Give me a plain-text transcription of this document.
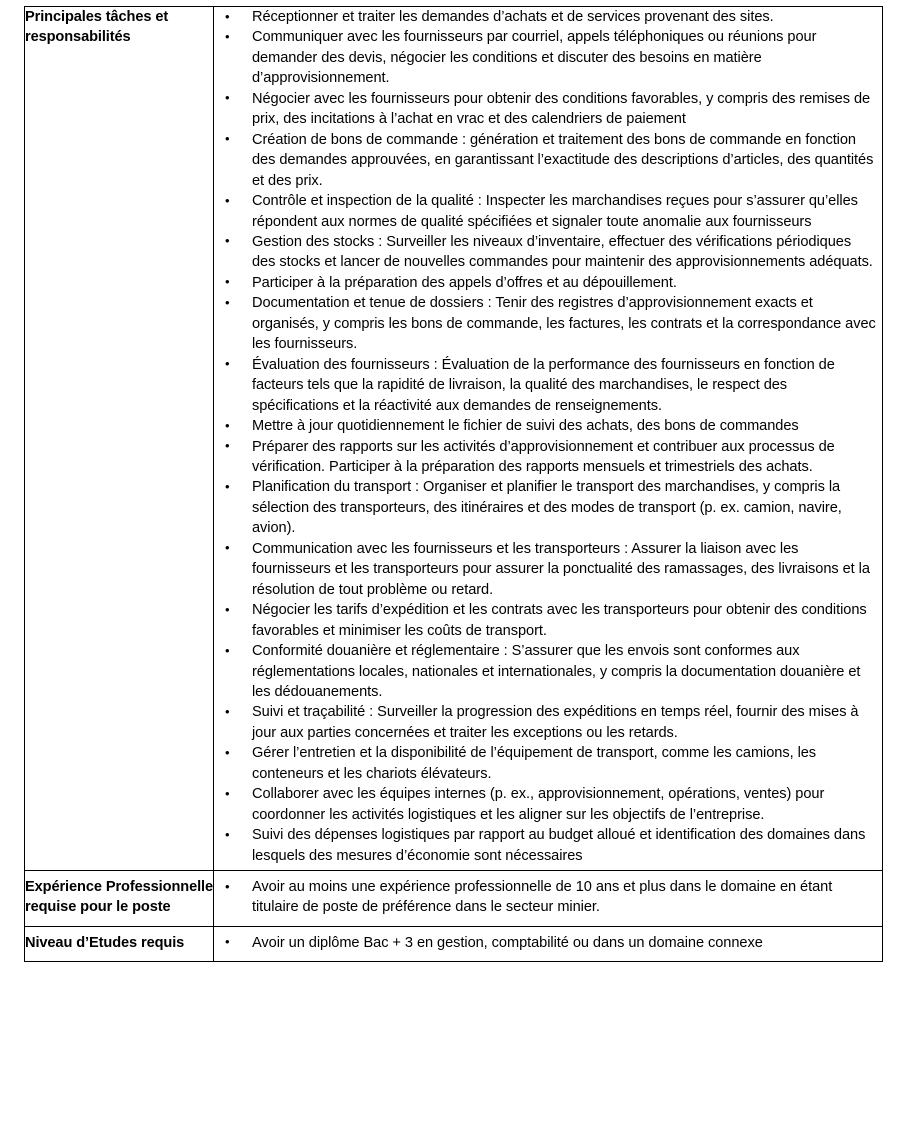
Principales tâches et responsabilités	
• Réceptionner et traiter les demandes d’achats et de services provenant des sites.
• Communiquer avec les fournisseurs par courriel, appels téléphoniques ou réunions pour demander des devis, négocier les conditions et discuter des besoins en matière d’approvisionnement.
• Négocier avec les fournisseurs pour obtenir des conditions favorables, y compris des remises de prix, des incitations à l’achat en vrac et des calendriers de paiement
• Création de bons de commande : génération et traitement des bons de commande en fonction des demandes approuvées, en garantissant l’exactitude des descriptions d’articles, des quantités et des prix.
• Contrôle et inspection de la qualité : Inspecter les marchandises reçues pour s’assurer qu’elles répondent aux normes de qualité spécifiées et signaler toute anomalie aux fournisseurs
• Gestion des stocks : Surveiller les niveaux d’inventaire, effectuer des vérifications périodiques des stocks et lancer de nouvelles commandes pour maintenir des approvisionnements adéquats.
• Participer à la préparation des appels d’offres et au dépouillement.
• Documentation et tenue de dossiers : Tenir des registres d’approvisionnement exacts et organisés, y compris les bons de commande, les factures, les contrats et la correspondance avec les fournisseurs.
• Évaluation des fournisseurs : Évaluation de la performance des fournisseurs en fonction de facteurs tels que la rapidité de livraison, la qualité des marchandises, le respect des spécifications et la réactivité aux demandes de renseignements.
• Mettre à jour quotidiennement le fichier de suivi des achats, des bons de commandes
• Préparer des rapports sur les activités d’approvisionnement et contribuer aux processus de vérification. Participer à la préparation des rapports mensuels et trimestriels des achats.
• Planification du transport : Organiser et planifier le transport des marchandises, y compris la sélection des transporteurs, des itinéraires et des modes de transport (p. ex. camion, navire, avion).
• Communication avec les fournisseurs et les transporteurs : Assurer la liaison avec les fournisseurs et les transporteurs pour assurer la ponctualité des ramassages, des livraisons et la résolution de tout problème ou retard.
• Négocier les tarifs d’expédition et les contrats avec les transporteurs pour obtenir des conditions favorables et minimiser les coûts de transport.
• Conformité douanière et réglementaire : S’assurer que les envois sont conformes aux réglementations locales, nationales et internationales, y compris la documentation douanière et les dédouanements.
• Suivi et traçabilité : Surveiller la progression des expéditions en temps réel, fournir des mises à jour aux parties concernées et traiter les exceptions ou les retards.
• Gérer l’entretien et la disponibilité de l’équipement de transport, comme les camions, les conteneurs et les chariots élévateurs.
• Collaborer avec les équipes internes (p. ex., approvisionnement, opérations, ventes) pour coordonner les activités logistiques et les aligner sur les objectifs de l’entreprise.
• Suivi des dépenses logistiques par rapport au budget alloué et identification des domaines dans lesquels des mesures d’économie sont nécessaires

Expérience Professionnelle requise pour le poste	
• Avoir au moins une expérience professionnelle de 10 ans et plus dans le domaine en étant titulaire de poste de préférence dans le secteur minier.

Niveau d’Etudes requis	
•Avoir un diplôme Bac + 3 en gestion, comptabilité ou dans un domaine connexe
